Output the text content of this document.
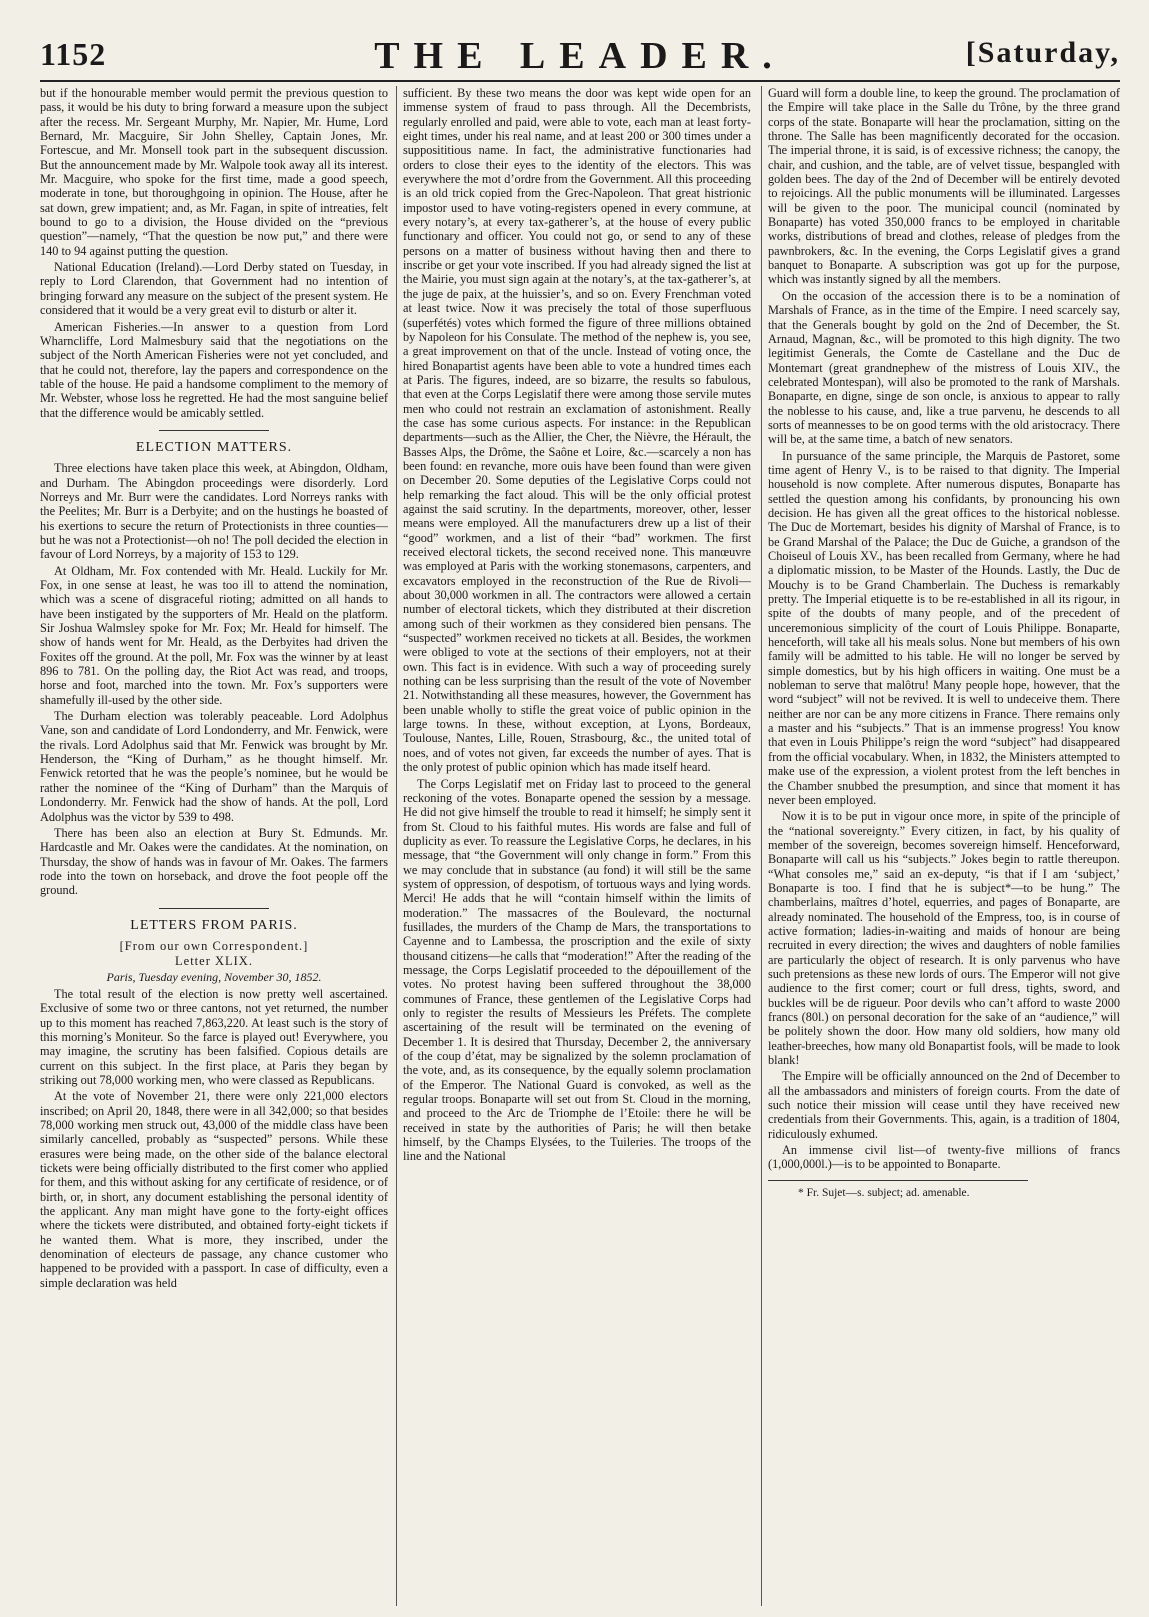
1152	THE LEADER.	[Saturday,

but if the honourable member would permit the previous question to pass, it would be his duty to bring forward a measure upon the subject after the recess. Mr. Sergeant Murphy, Mr. Napier, Mr. Hume, Lord Bernard, Mr. Macguire, Sir John Shelley, Captain Jones, Mr. Fortescue, and Mr. Monsell took part in the subsequent discussion. But the announcement made by Mr. Walpole took away all its interest. Mr. Macguire, who spoke for the first time, made a good speech, moderate in tone, but thoroughgoing in opinion. The House, after he sat down, grew impatient; and, as Mr. Fagan, in spite of intreaties, felt bound to go to a division, the House divided on the “previous question”—namely, “That the question be now put,” and there were 140 to 94 against putting the question.

National Education (Ireland).—Lord Derby stated on Tuesday, in reply to Lord Clarendon, that Government had no intention of bringing forward any measure on the subject of the present system. He considered that it would be a very great evil to disturb or alter it.

American Fisheries.—In answer to a question from Lord Wharncliffe, Lord Malmesbury said that the negotiations on the subject of the North American Fisheries were not yet concluded, and that he could not, therefore, lay the papers and correspondence on the table of the house. He paid a handsome compliment to the memory of Mr. Webster, whose loss he regretted. He had the most sanguine belief that the difference would be amicably settled.

ELECTION MATTERS.

Three elections have taken place this week, at Abingdon, Oldham, and Durham. The Abingdon proceedings were disorderly. Lord Norreys and Mr. Burr were the candidates. Lord Norreys ranks with the Peelites; Mr. Burr is a Derbyite; and on the hustings he boasted of his exertions to secure the return of Protectionists in three counties—but he was not a Protectionist—oh no! The poll decided the election in favour of Lord Norreys, by a majority of 153 to 129.

At Oldham, Mr. Fox contended with Mr. Heald. Luckily for Mr. Fox, in one sense at least, he was too ill to attend the nomination, which was a scene of disgraceful rioting; admitted on all hands to have been instigated by the supporters of Mr. Heald on the platform. Sir Joshua Walmsley spoke for Mr. Fox; Mr. Heald for himself. The show of hands went for Mr. Heald, as the Derbyites had driven the Foxites off the ground. At the poll, Mr. Fox was the winner by at least 896 to 781. On the polling day, the Riot Act was read, and troops, horse and foot, marched into the town. Mr. Fox’s supporters were shamefully ill-used by the other side.

The Durham election was tolerably peaceable. Lord Adolphus Vane, son and candidate of Lord Londonderry, and Mr. Fenwick, were the rivals. Lord Adolphus said that Mr. Fenwick was brought by Mr. Henderson, the “King of Durham,” as he thought himself. Mr. Fenwick retorted that he was the people’s nominee, but he would be rather the nominee of the “King of Durham” than the Marquis of Londonderry. Mr. Fenwick had the show of hands. At the poll, Lord Adolphus was the victor by 539 to 498.

There has been also an election at Bury St. Edmunds. Mr. Hardcastle and Mr. Oakes were the candidates. At the nomination, on Thursday, the show of hands was in favour of Mr. Oakes. The farmers rode into the town on horseback, and drove the foot people off the ground.

LETTERS FROM PARIS.
[From our own Correspondent.]
Letter XLIX.
Paris, Tuesday evening, November 30, 1852.

The total result of the election is now pretty well ascertained. Exclusive of some two or three cantons, not yet returned, the number up to this moment has reached 7,863,220. At least such is the story of this morning’s Moniteur. So the farce is played out! Everywhere, you may imagine, the scrutiny has been falsified. Copious details are current on this subject. In the first place, at Paris they began by striking out 78,000 working men, who were classed as Republicans.

At the vote of November 21, there were only 221,000 electors inscribed; on April 20, 1848, there were in all 342,000; so that besides 78,000 working men struck out, 43,000 of the middle class have been similarly cancelled, probably as “suspected” persons. While these erasures were being made, on the other side of the balance electoral tickets were being officially distributed to the first comer who applied for them, and this without asking for any certificate of residence, or of birth, or, in short, any document establishing the personal identity of the applicant. Any man might have gone to the forty-eight offices where the tickets were distributed, and obtained forty-eight tickets if he wanted them. What is more, they inscribed, under the denomination of electeurs de passage, any chance customer who happened to be provided with a passport. In case of difficulty, even a simple declaration was held

sufficient. By these two means the door was kept wide open for an immense system of fraud to pass through. All the Decembrists, regularly enrolled and paid, were able to vote, each man at least forty-eight times, under his real name, and at least 200 or 300 times under a supposititious name. In fact, the administrative functionaries had orders to close their eyes to the identity of the electors. This was everywhere the mot d’ordre from the Government. All this proceeding is an old trick copied from the Grec-Napoleon. That great histrionic impostor used to have voting-registers opened in every commune, at every notary’s, at every tax-gatherer’s, at the house of every public functionary and officer. You could not go, or send to any of these persons on a matter of business without having then and there to inscribe or get your vote inscribed. If you had already signed the list at the Mairie, you must sign again at the notary’s, at the tax-gatherer’s, at the juge de paix, at the huissier’s, and so on. Every Frenchman voted at least twice. Now it was precisely the total of those superfluous (superfétés) votes which formed the figure of three millions obtained by Napoleon for his Consulate. The method of the nephew is, you see, a great improvement on that of the uncle. Instead of voting once, the hired Bonapartist agents have been able to vote a hundred times each at Paris. The figures, indeed, are so bizarre, the results so fabulous, that even at the Corps Legislatif there were among those servile mutes men who could not restrain an exclamation of astonishment. Really the case has some curious aspects. For instance: in the Republican departments—such as the Allier, the Cher, the Nièvre, the Hérault, the Basses Alps, the Drôme, the Saône et Loire, &c.—scarcely a non has been found: en revanche, more ouis have been found than were given on December 20. Some deputies of the Legislative Corps could not help remarking the fact aloud. This will be the only official protest against the said scrutiny. In the departments, moreover, other, lesser means were employed. All the manufacturers drew up a list of their “good” workmen, and a list of their “bad” workmen. The first received electoral tickets, the second received none. This manœuvre was employed at Paris with the working stonemasons, carpenters, and excavators employed in the reconstruction of the Rue de Rivoli—about 30,000 workmen in all. The contractors were allowed a certain number of electoral tickets, which they distributed at their discretion among such of their workmen as they considered bien pensans. The “suspected” workmen received no tickets at all. Besides, the workmen were obliged to vote at the sections of their employers, not at their own. This fact is in evidence. With such a way of proceeding surely nothing can be less surprising than the result of the vote of November 21. Notwithstanding all these measures, however, the Government has been unable wholly to stifle the great voice of public opinion in the large towns. In these, without exception, at Lyons, Bordeaux, Toulouse, Nantes, Lille, Rouen, Strasbourg, &c., the united total of noes, and of votes not given, far exceeds the number of ayes. That is the only protest of public opinion which has made itself heard.

The Corps Legislatif met on Friday last to proceed to the general reckoning of the votes. Bonaparte opened the session by a message. He did not give himself the trouble to read it himself; he simply sent it from St. Cloud to his faithful mutes. His words are false and full of duplicity as ever. To reassure the Legislative Corps, he declares, in his message, that “the Government will only change in form.” From this we may conclude that in substance (au fond) it will still be the same system of oppression, of despotism, of tortuous ways and lying words. Merci! He adds that he will “contain himself within the limits of moderation.” The massacres of the Boulevard, the nocturnal fusillades, the murders of the Champ de Mars, the transportations to Cayenne and to Lambessa, the proscription and the exile of sixty thousand citizens—he calls that “moderation!” After the reading of the message, the Corps Legislatif proceeded to the dépouillement of the votes. No protest having been suffered throughout the 38,000 communes of France, these gentlemen of the Legislative Corps had only to register the results of Messieurs les Préfets. The complete ascertaining of the result will be terminated on the evening of December 1. It is desired that Thursday, December 2, the anniversary of the coup d’état, may be signalized by the solemn proclamation of the vote, and, as its consequence, by the equally solemn proclamation of the Emperor. The National Guard is convoked, as well as the regular troops. Bonaparte will set out from St. Cloud in the morning, and proceed to the Arc de Triomphe de l’Etoile: there he will be received in state by the authorities of Paris; he will then betake himself, by the Champs Elysées, to the Tuileries. The troops of the line and the National

Guard will form a double line, to keep the ground. The proclamation of the Empire will take place in the Salle du Trône, by the three grand corps of the state. Bonaparte will hear the proclamation, sitting on the throne. The Salle has been magnificently decorated for the occasion. The imperial throne, it is said, is of excessive richness; the canopy, the chair, and cushion, and the table, are of velvet tissue, bespangled with golden bees. The day of the 2nd of December will be entirely devoted to rejoicings. All the public monuments will be illuminated. Largesses will be given to the poor. The municipal council (nominated by Bonaparte) has voted 350,000 francs to be employed in charitable works, distributions of bread and clothes, release of pledges from the pawnbrokers, &c. In the evening, the Corps Legislatif gives a grand banquet to Bonaparte. A subscription was got up for the purpose, which was instantly signed by all the members.

On the occasion of the accession there is to be a nomination of Marshals of France, as in the time of the Empire. I need scarcely say, that the Generals bought by gold on the 2nd of December, the St. Arnaud, Magnan, &c., will be promoted to this high dignity. The two legitimist Generals, the Comte de Castellane and the Duc de Montemart (great grandnephew of the mistress of Louis XIV., the celebrated Montespan), will also be promoted to the rank of Marshals. Bonaparte, en digne, singe de son oncle, is anxious to appear to rally the noblesse to his cause, and, like a true parvenu, he descends to all sorts of meannesses to be on good terms with the old aristocracy. There will be, at the same time, a batch of new senators.

In pursuance of the same principle, the Marquis de Pastoret, some time agent of Henry V., is to be raised to that dignity. The Imperial household is now complete. After numerous disputes, Bonaparte has settled the question among his confidants, by pronouncing his own decision. He has given all the great offices to the historical noblesse. The Duc de Mortemart, besides his dignity of Marshal of France, is to be Grand Marshal of the Palace; the Duc de Guiche, a grandson of the Choiseul of Louis XV., has been recalled from Germany, where he had a diplomatic mission, to be Master of the Hounds. Lastly, the Duc de Mouchy is to be Grand Chamberlain. The Duchess is remarkably pretty. The Imperial etiquette is to be re-established in all its rigour, in spite of the doubts of many people, and of the precedent of unceremonious simplicity of the court of Louis Philippe. Bonaparte, henceforth, will take all his meals solus. None but members of his own family will be admitted to his table. He will no longer be served by simple domestics, but by his high officers in waiting. One must be a nobleman to serve that malôtru! Many people hope, however, that the word “subject” will not be revived. It is well to undeceive them. There neither are nor can be any more citizens in France. There remains only a master and his “subjects.” That is an immense progress! You know that even in Louis Philippe’s reign the word “subject” had disappeared from the official vocabulary. When, in 1832, the Ministers attempted to make use of the expression, a violent protest from the left benches in the Chamber snubbed the presumption, and since that moment it has never been employed.

Now it is to be put in vigour once more, in spite of the principle of the “national sovereignty.” Every citizen, in fact, by his quality of member of the sovereign, becomes sovereign himself. Henceforward, Bonaparte will call us his “subjects.” Jokes begin to rattle thereupon. “What consoles me,” said an ex-deputy, “is that if I am ‘subject,’ Bonaparte is too. I find that he is subject*—to be hung.” The chamberlains, maîtres d’hotel, equerries, and pages of Bonaparte, are already nominated. The household of the Empress, too, is in course of active formation; ladies-in-waiting and maids of honour are being recruited in every direction; the wives and daughters of noble families are particularly the object of research. It is only parvenus who have such pretensions as these new lords of ours. The Emperor will not give audience to the first comer; court or full dress, tights, sword, and buckles will be de rigueur. Poor devils who can’t afford to waste 2000 francs (80l.) on personal decoration for the sake of an “audience,” will be politely shown the door. How many old soldiers, how many old leather-breeches, how many old Bonapartist fools, will be made to look blank!

The Empire will be officially announced on the 2nd of December to all the ambassadors and ministers of foreign courts. From the date of such notice their mission will cease until they have received new credentials from their Governments. This, again, is a tradition of 1804, ridiculously exhumed.

An immense civil list—of twenty-five millions of francs (1,000,000l.)—is to be appointed to Bonaparte.

* Fr. Sujet—s. subject; ad. amenable.
